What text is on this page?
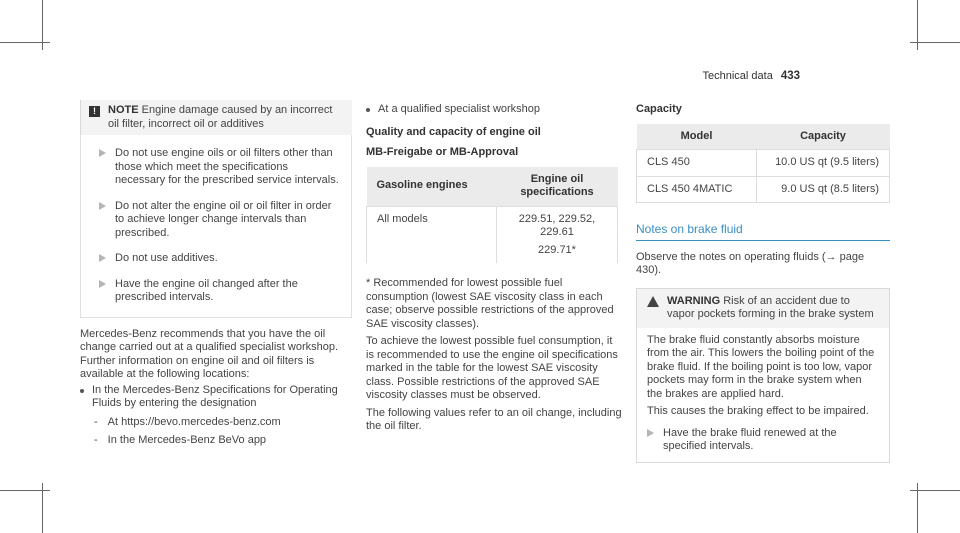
Technical data 433
!	NOTE Engine damage caused by an incorrect oil filter, incorrect oil or additives
Do not use engine oils or oil filters other than those which meet the specifications necessary for the prescribed service intervals.
Do not alter the engine oil or oil filter in order to achieve longer change intervals than prescribed.
Do not use additives.
Have the engine oil changed after the prescribed intervals.

Mercedes-Benz recommends that you have the oil change carried out at a qualified specialist workshop.

Further information on engine oil and oil filters is available at the following locations:

In the Mercedes-Benz Specifications for Operating Fluids by entering the designation
- At https://bevo.mercedes-benz.com
- In the Mercedes-Benz BeVo app
At a qualified specialist workshop
Quality and capacity of engine oil
MB-Freigabe or MB-Approval
Gasoline engines	Engine oil specifications
All models	229.51, 229.52, 229.61
229.71*

* Recommended for lowest possible fuel consumption (lowest SAE viscosity class in each case; observe possible restrictions of the approved SAE viscosity classes).

To achieve the lowest possible fuel consumption, it is recommended to use the engine oil specifications marked in the table for the lowest SAE viscosity class. Possible restrictions of the approved SAE viscosity classes must be observed.

The following values refer to an oil change, including the oil filter.

Capacity
Model	Capacity
CLS 450	10.0 US qt (9.5 liters)
CLS 450 4MATIC	9.0 US qt (8.5 liters)
Notes on brake fluid

Observe the notes on operating fluids (→ page 430).

WARNING Risk of an accident due to vapor pockets forming in the brake system

The brake fluid constantly absorbs moisture from the air. This lowers the boiling point of the brake fluid. If the boiling point is too low, vapor pockets may form in the brake system when the brakes are applied hard.

This causes the braking effect to be impaired.

Have the brake fluid renewed at the specified intervals.
